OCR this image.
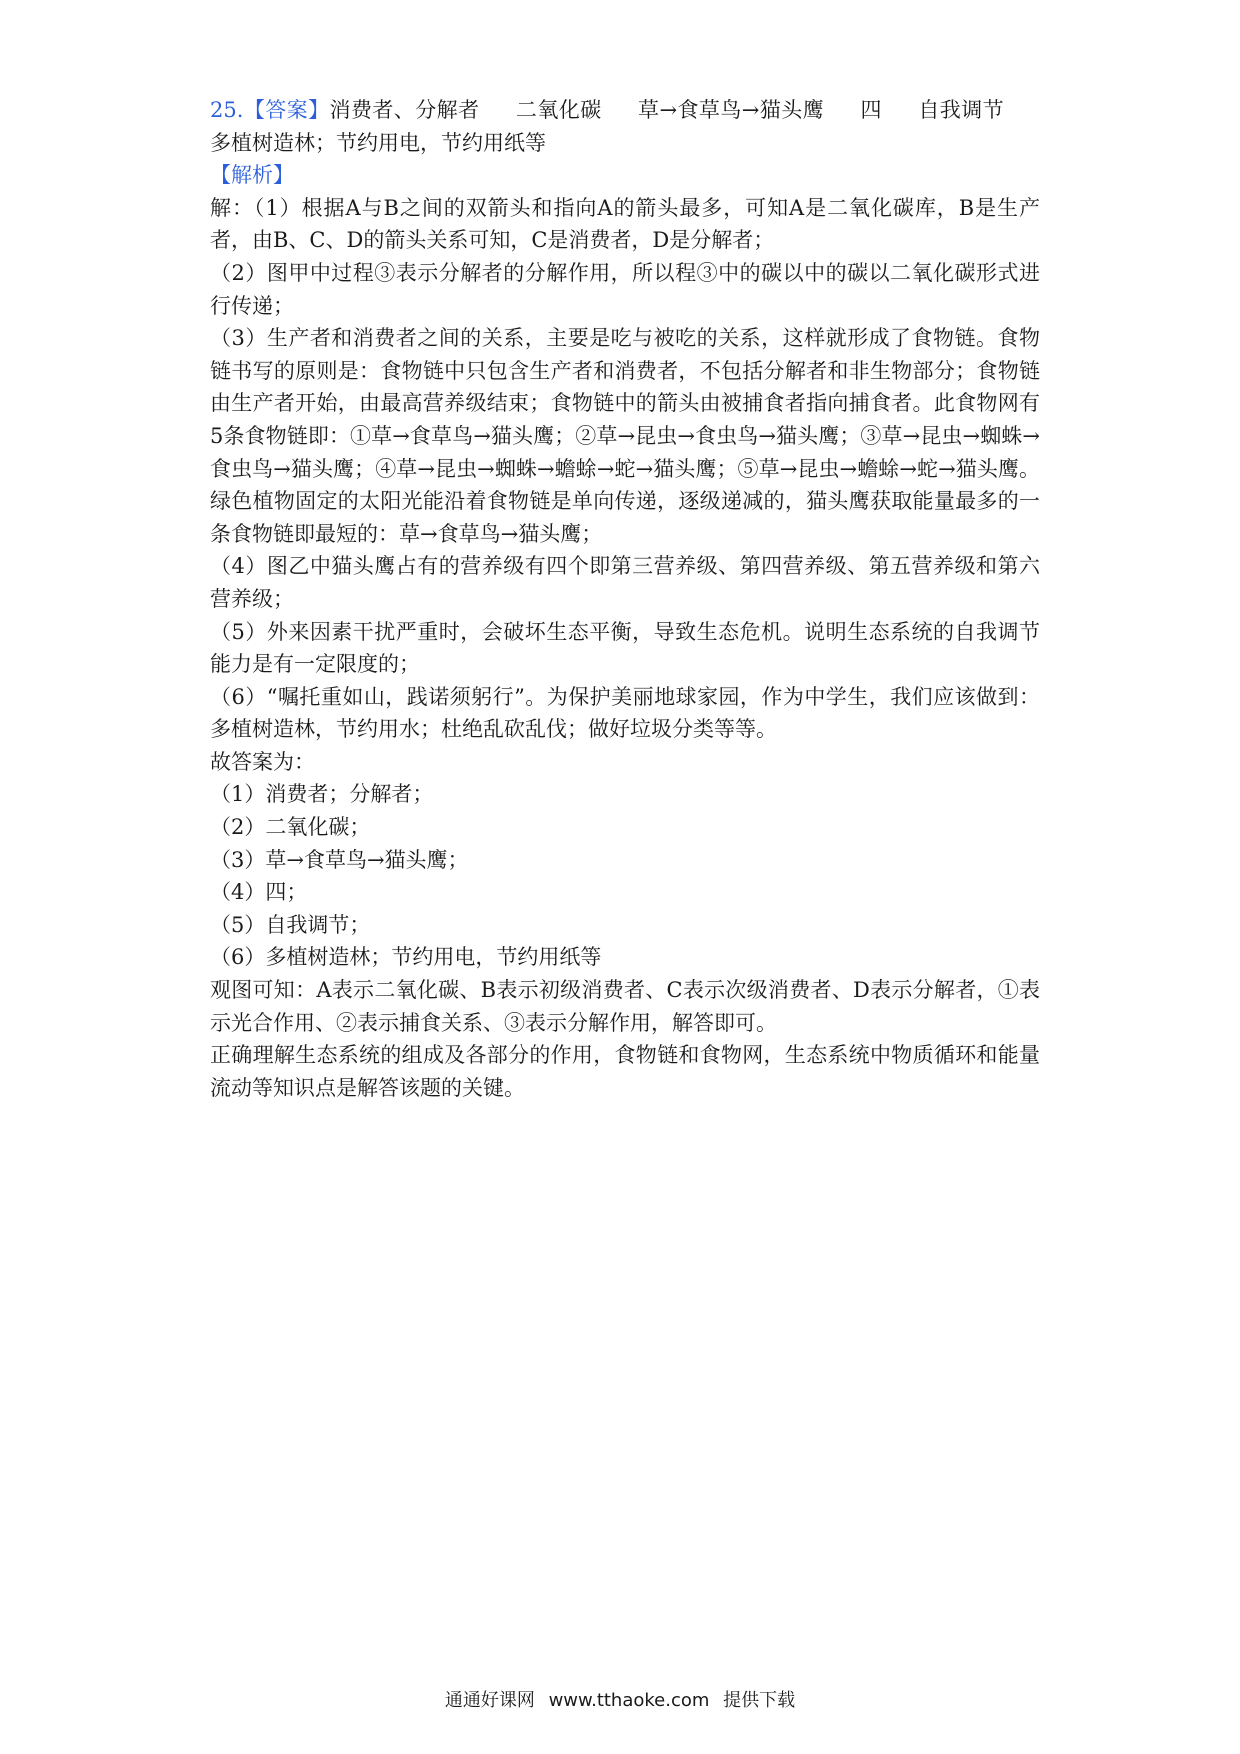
25.【答案】消费者、分解者 二氧化碳 草→食草鸟→猫头鹰 四 自我调节多植树造林；节约用电，节约用纸等

【解析】

解：（1）根据A与B之间的双箭头和指向A的箭头最多，可知A是二氧化碳库，B是生产者，由B、C、D的箭头关系可知，C是消费者，D是分解者；

（2）图甲中过程③表示分解者的分解作用，所以程③中的碳以中的碳以二氧化碳形式进行传递；

（3）生产者和消费者之间的关系，主要是吃与被吃的关系，这样就形成了食物链。食物链书写的原则是：食物链中只包含生产者和消费者，不包括分解者和非生物部分；食物链由生产者开始，由最高营养级结束；食物链中的箭头由被捕食者指向捕食者。此食物网有5条食物链即：①草→食草鸟→猫头鹰；②草→昆虫→食虫鸟→猫头鹰；③草→昆虫→蜘蛛→食虫鸟→猫头鹰；④草→昆虫→蜘蛛→蟾蜍→蛇→猫头鹰；⑤草→昆虫→蟾蜍→蛇→猫头鹰。绿色植物固定的太阳光能沿着食物链是单向传递，逐级递减的，猫头鹰获取能量最多的一条食物链即最短的：草→食草鸟→猫头鹰；

（4）图乙中猫头鹰占有的营养级有四个即第三营养级、第四营养级、第五营养级和第六营养级；

（5）外来因素干扰严重时，会破坏生态平衡，导致生态危机。说明生态系统的自我调节能力是有一定限度的；

（6）“嘱托重如山，践诺须躬行”。为保护美丽地球家园，作为中学生，我们应该做到：多植树造林，节约用水；杜绝乱砍乱伐；做好垃圾分类等等。

故答案为：

（1）消费者；分解者；

（2）二氧化碳；

（3）草→食草鸟→猫头鹰；

（4）四；

（5）自我调节；

（6）多植树造林；节约用电，节约用纸等

观图可知：A表示二氧化碳、B表示初级消费者、C表示次级消费者、D表示分解者，①表示光合作用、②表示捕食关系、③表示分解作用，解答即可。

正确理解生态系统的组成及各部分的作用，食物链和食物网，生态系统中物质循环和能量流动等知识点是解答该题的关键。

通通好课网 www.tthaoke.com 提供下载
